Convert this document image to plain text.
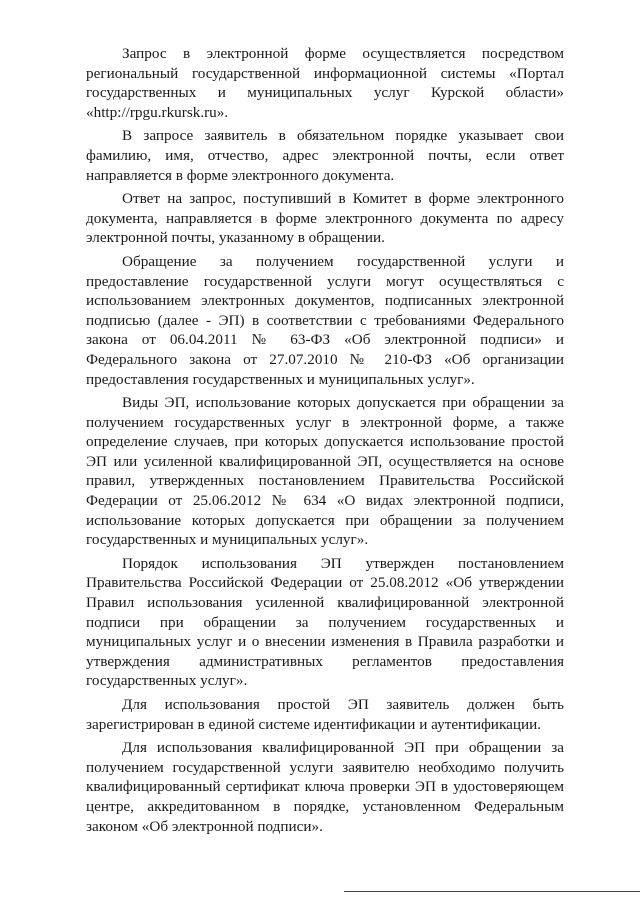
Запрос в электронной форме осуществляется посредством региональный государственной информационной системы «Портал государственных и муниципальных услуг Курской области» «http://rpgu.rkursk.ru».

В запросе заявитель в обязательном порядке указывает свои фамилию, имя, отчество, адрес электронной почты, если ответ направляется в форме электронного документа.

Ответ на запрос, поступивший в Комитет в форме электронного документа, направляется в форме электронного документа по адресу электронной почты, указанному в обращении.

Обращение за получением государственной услуги и предоставление государственной услуги могут осуществляться с использованием электронных документов, подписанных электронной подписью (далее - ЭП) в соответствии с требованиями Федерального закона от 06.04.2011 № 63-ФЗ «Об электронной подписи» и Федерального закона от 27.07.2010 № 210-ФЗ «Об организации предоставления государственных и муниципальных услуг».

Виды ЭП, использование которых допускается при обращении за получением государственных услуг в электронной форме, а также определение случаев, при которых допускается использование простой ЭП или усиленной квалифицированной ЭП, осуществляется на основе правил, утвержденных постановлением Правительства Российской Федерации от 25.06.2012 № 634 «О видах электронной подписи, использование которых допускается при обращении за получением государственных и муниципальных услуг».

Порядок использования ЭП утвержден постановлением Правительства Российской Федерации от 25.08.2012 «Об утверждении Правил использования усиленной квалифицированной электронной подписи при обращении за получением государственных и муниципальных услуг и о внесении изменения в Правила разработки и утверждения административных регламентов предоставления государственных услуг».

Для использования простой ЭП заявитель должен быть зарегистрирован в единой системе идентификации и аутентификации.

Для использования квалифицированной ЭП при обращении за получением государственной услуги заявителю необходимо получить квалифицированный сертификат ключа проверки ЭП в удостоверяющем центре, аккредитованном в порядке, установленном Федеральным законом «Об электронной подписи».
